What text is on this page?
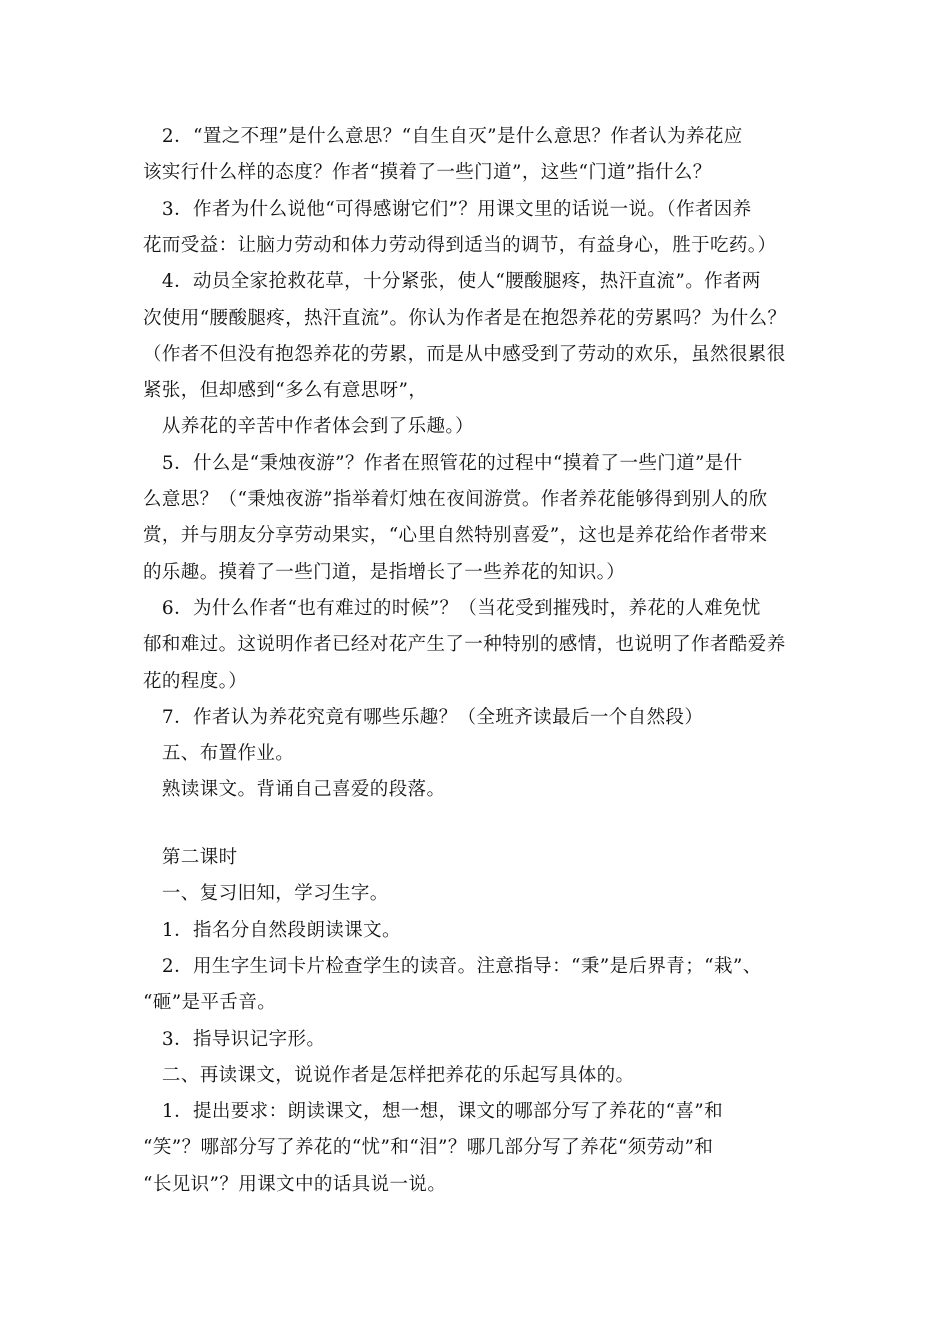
　2．“置之不理”是什么意思？“自生自灭”是什么意思？作者认为养花应
该实行什么样的态度？作者“摸着了一些门道”，这些“门道”指什么？
　3．作者为什么说他“可得感谢它们”？用课文里的话说一说。（作者因养
花而受益：让脑力劳动和体力劳动得到适当的调节，有益身心，胜于吃药。）
　4．动员全家抢救花草，十分紧张，使人“腰酸腿疼，热汗直流”。作者两
次使用“腰酸腿疼，热汗直流”。你认为作者是在抱怨养花的劳累吗？为什么？
（作者不但没有抱怨养花的劳累，而是从中感受到了劳动的欢乐，虽然很累很
紧张，但却感到“多么有意思呀”，
　从养花的辛苦中作者体会到了乐趣。）
　5．什么是“秉烛夜游”？作者在照管花的过程中“摸着了一些门道”是什
么意思？（“秉烛夜游”指举着灯烛在夜间游赏。作者养花能够得到别人的欣
赏，并与朋友分享劳动果实，“心里自然特别喜爱”，这也是养花给作者带来
的乐趣。摸着了一些门道，是指增长了一些养花的知识。）
　6．为什么作者“也有难过的时候”？（当花受到摧残时，养花的人难免忧
郁和难过。这说明作者已经对花产生了一种特别的感情，也说明了作者酷爱养
花的程度。）
　7．作者认为养花究竟有哪些乐趣？（全班齐读最后一个自然段）
　五、布置作业。
　熟读课文。背诵自己喜爱的段落。
　第二课时
　一、复习旧知，学习生字。
　1．指名分自然段朗读课文。
　2．用生字生词卡片检查学生的读音。注意指导：“秉”是后界青；“栽”、
“砸”是平舌音。
　3．指导识记字形。
　二、再读课文，说说作者是怎样把养花的乐起写具体的。
　1．提出要求：朗读课文，想一想，课文的哪部分写了养花的“喜”和
“笑”？哪部分写了养花的“忧”和“泪”？哪几部分写了养花“须劳动”和
“长见识”？用课文中的话具说一说。
